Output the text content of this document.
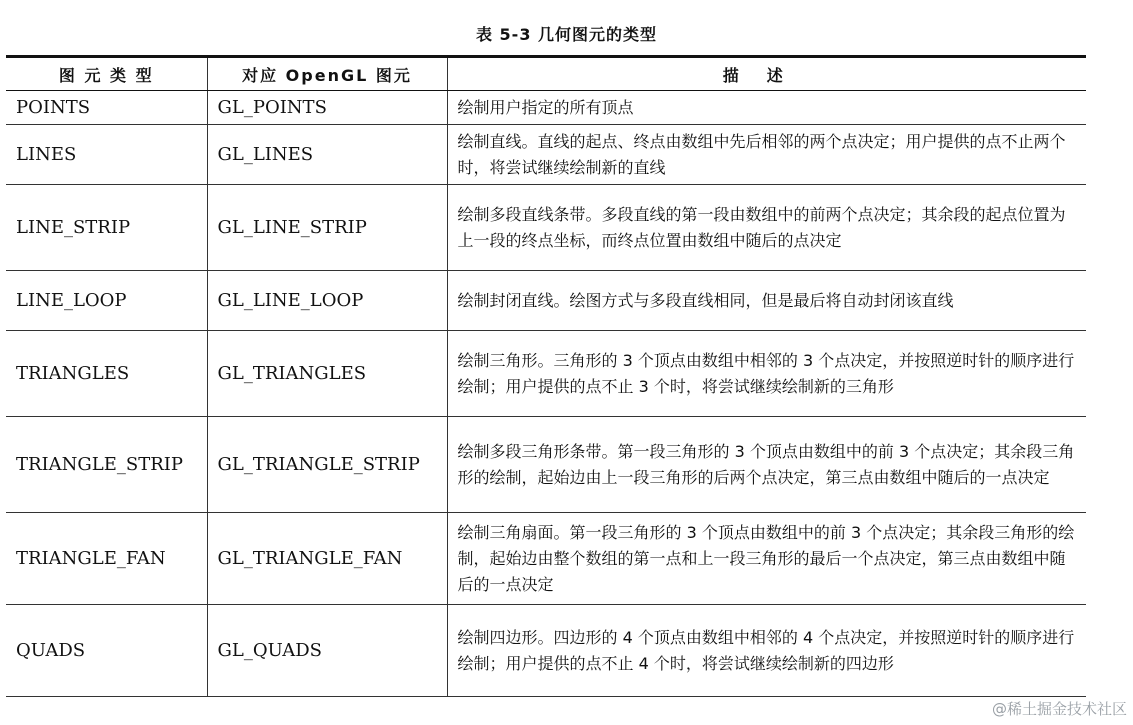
表 5-3 几何图元的类型
图 元 类 型	对应 OpenGL 图元	描述
POINTS	GL_POINTS	绘制用户指定的所有顶点
LINES	GL_LINES	绘制直线。直线的起点、终点由数组中先后相邻的两个点决定；用户提供的点不止两个时，将尝试继续绘制新的直线
LINE_STRIP	GL_LINE_STRIP	绘制多段直线条带。多段直线的第一段由数组中的前两个点决定；其余段的起点位置为上一段的终点坐标，而终点位置由数组中随后的点决定
LINE_LOOP	GL_LINE_LOOP	绘制封闭直线。绘图方式与多段直线相同，但是最后将自动封闭该直线
TRIANGLES	GL_TRIANGLES	绘制三角形。三角形的 3 个顶点由数组中相邻的 3 个点决定，并按照逆时针的顺序进行绘制；用户提供的点不止 3 个时，将尝试继续绘制新的三角形
TRIANGLE_STRIP	GL_TRIANGLE_STRIP	绘制多段三角形条带。第一段三角形的 3 个顶点由数组中的前 3 个点决定；其余段三角形的绘制，起始边由上一段三角形的后两个点决定，第三点由数组中随后的一点决定
TRIANGLE_FAN	GL_TRIANGLE_FAN	绘制三角扇面。第一段三角形的 3 个顶点由数组中的前 3 个点决定；其余段三角形的绘制，起始边由整个数组的第一点和上一段三角形的最后一个点决定，第三点由数组中随后的一点决定
QUADS	GL_QUADS	绘制四边形。四边形的 4 个顶点由数组中相邻的 4 个点决定，并按照逆时针的顺序进行绘制；用户提供的点不止 4 个时，将尝试继续绘制新的四边形
@稀土掘金技术社区
